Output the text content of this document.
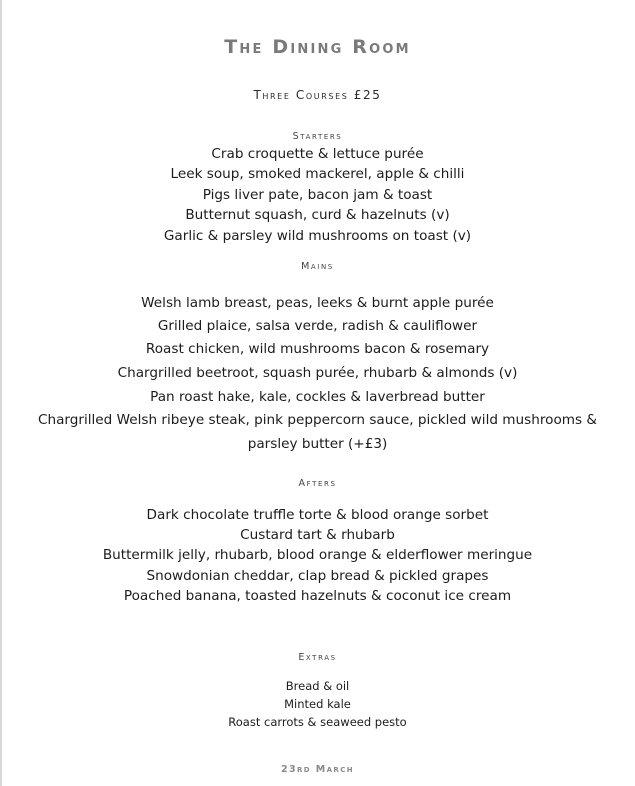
The Dining Room
Three Courses £25
Starters
Crab croquette & lettuce purée
Leek soup, smoked mackerel, apple & chilli
Pigs liver pate, bacon jam & toast
Butternut squash, curd & hazelnuts (v)
Garlic & parsley wild mushrooms on toast (v)
Mains
Welsh lamb breast, peas, leeks & burnt apple purée
Grilled plaice, salsa verde, radish & cauliflower
Roast chicken, wild mushrooms bacon & rosemary
Chargrilled beetroot, squash purée, rhubarb & almonds (v)
Pan roast hake, kale, cockles & laverbread butter
Chargrilled Welsh ribeye steak, pink peppercorn sauce, pickled wild mushrooms &
parsley butter (+£3)
Afters
Dark chocolate truffle torte & blood orange sorbet
Custard tart & rhubarb
Buttermilk jelly, rhubarb, blood orange & elderflower meringue
Snowdonian cheddar, clap bread & pickled grapes
Poached banana, toasted hazelnuts & coconut ice cream
Extras
Bread & oil
Minted kale
Roast carrots & seaweed pesto
23rd March
